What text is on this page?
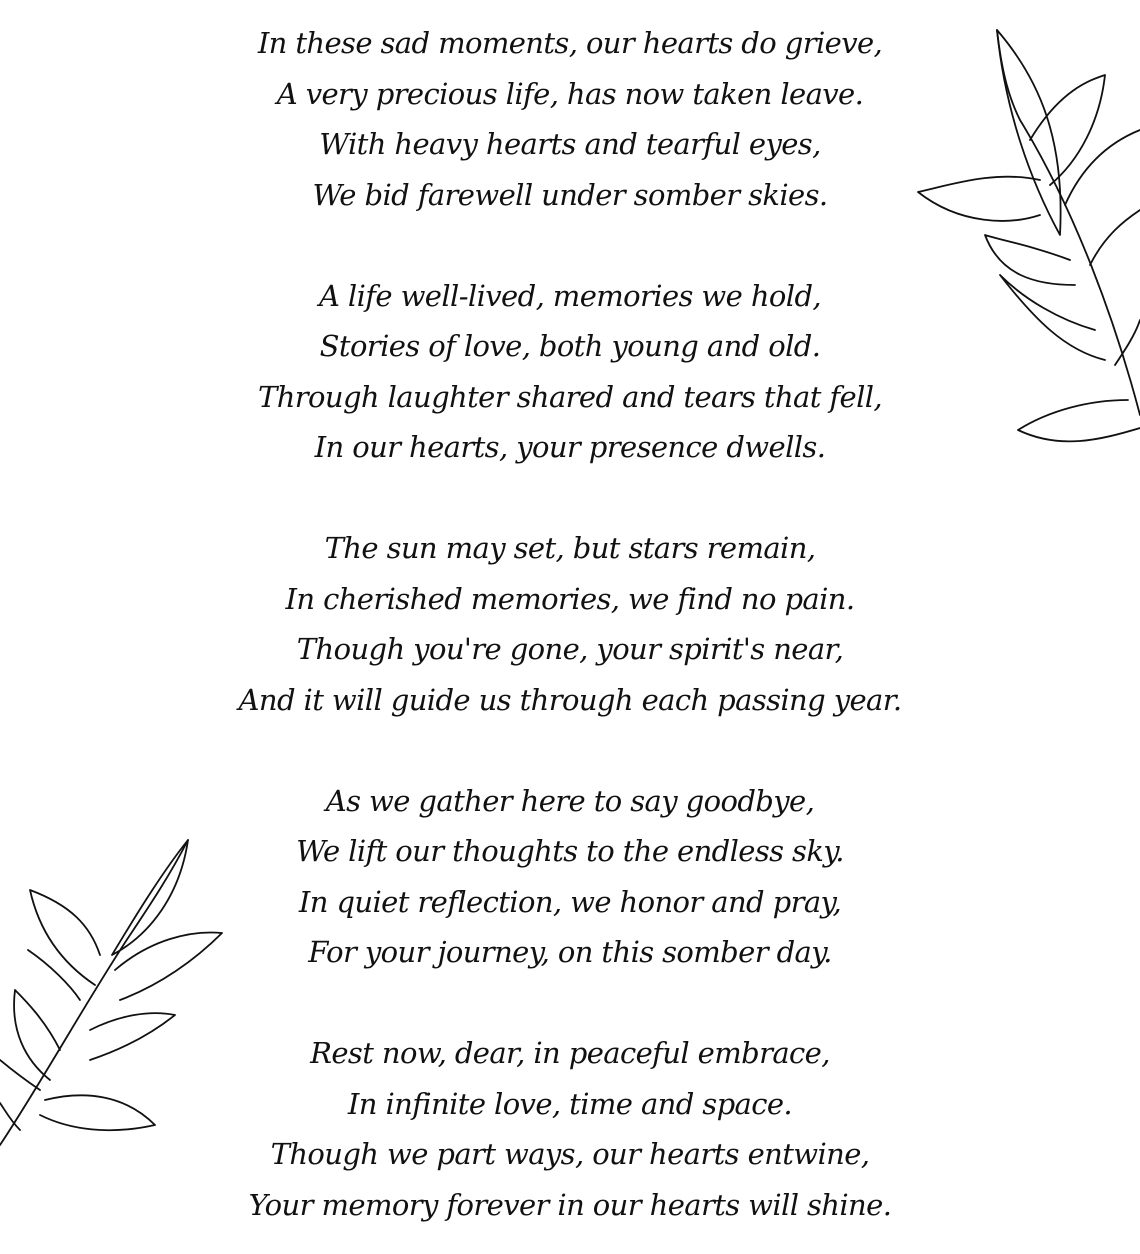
In these sad moments, our hearts do grieve,
A very precious life, has now taken leave.
With heavy hearts and tearful eyes,
We bid farewell under somber skies.
A life well-lived, memories we hold,
Stories of love, both young and old.
Through laughter shared and tears that fell,
In our hearts, your presence dwells.
The sun may set, but stars remain,
In cherished memories, we find no pain.
Though you're gone, your spirit's near,
And it will guide us through each passing year.
As we gather here to say goodbye,
We lift our thoughts to the endless sky.
In quiet reflection, we honor and pray,
For your journey, on this somber day.
Rest now, dear, in peaceful embrace,
In infinite love, time and space.
Though we part ways, our hearts entwine,
Your memory forever in our hearts will shine.
